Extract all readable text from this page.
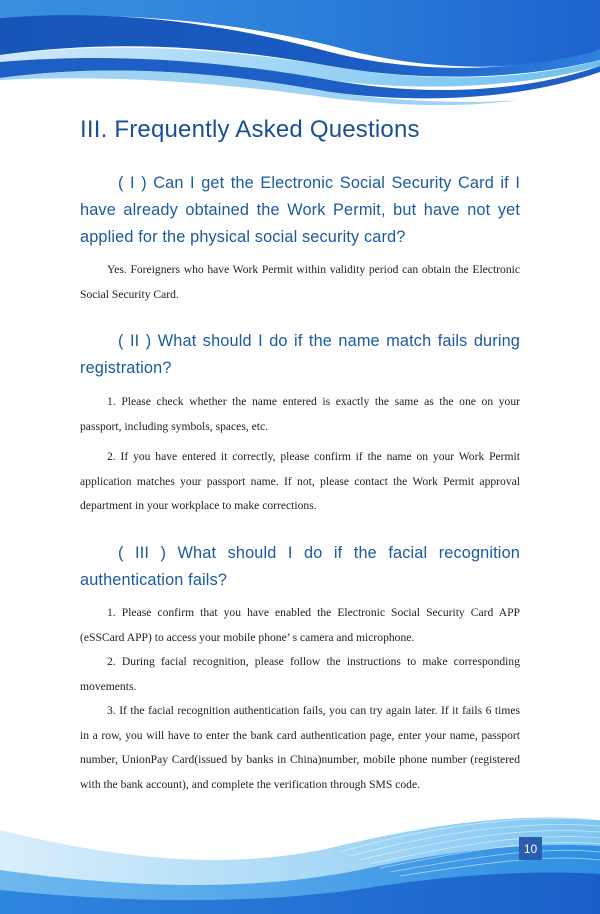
III. Frequently Asked Questions

( I ) Can I get the Electronic Social Security Card if I have already obtained the Work Permit, but have not yet applied for the physical social security card?

Yes. Foreigners who have Work Permit within validity period can obtain the Electronic Social Security Card.

( II ) What should I do if the name match fails during registration?

1. Please check whether the name entered is exactly the same as the one on your passport, including symbols, spaces, etc.

2. If you have entered it correctly, please confirm if the name on your Work Permit application matches your passport name. If not, please contact the Work Permit approval department in your workplace to make corrections.

( III ) What should I do if the facial recognition authentication fails?

1. Please confirm that you have enabled the Electronic Social Security Card APP (eSSCard APP) to access your mobile phone’ s camera and microphone.

2. During facial recognition, please follow the instructions to make corresponding movements.

3. If the facial recognition authentication fails, you can try again later. If it fails 6 times in a row, you will have to enter the bank card authentication page, enter your name, passport number, UnionPay Card(issued by banks in China)number, mobile phone number (registered with the bank account), and complete the verification through SMS code.

10
